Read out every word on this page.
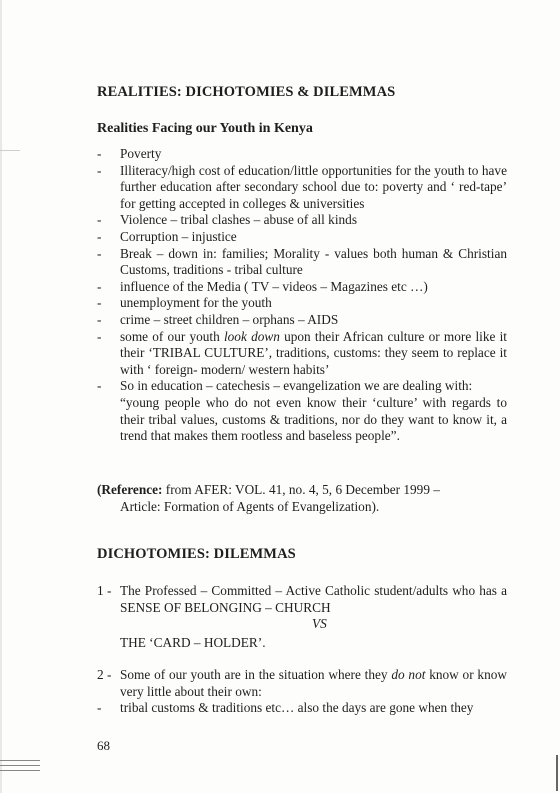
REALITIES: DICHOTOMIES & DILEMMAS
Realities Facing our Youth in Kenya
- Poverty
- Illiteracy/high cost of education/little opportunities for the youth to have further education after secondary school due to: poverty and ‘ red-tape’ for getting accepted in colleges & universities
- Violence – tribal clashes – abuse of all kinds
- Corruption – injustice
- Break – down in: families; Morality - values both human & Christian Customs, traditions - tribal culture
- influence of the Media ( TV – videos – Magazines etc …)
- unemployment for the youth
- crime – street children – orphans – AIDS
- some of our youth look down upon their African culture or more like it their ‘TRIBAL CULTURE’, traditions, customs: they seem to replace it with ‘ foreign- modern/ western habits’
- So in education – catechesis – evangelization we are dealing with:
“young people who do not even know their ‘culture’ with regards to their tribal values, customs & traditions, nor do they want to know it, a trend that makes them rootless and baseless people”.
(Reference: from AFER: VOL. 41, no. 4, 5, 6 December 1999 –
Article: Formation of Agents of Evangelization).
DICHOTOMIES: DILEMMAS
1 - The Professed – Committed – Active Catholic student/adults who has a SENSE OF BELONGING – CHURCH
VS
THE ‘CARD – HOLDER’.
2 - Some of our youth are in the situation where they do not know or know very little about their own:
-	tribal customs & traditions etc… also the days are gone when they
68
